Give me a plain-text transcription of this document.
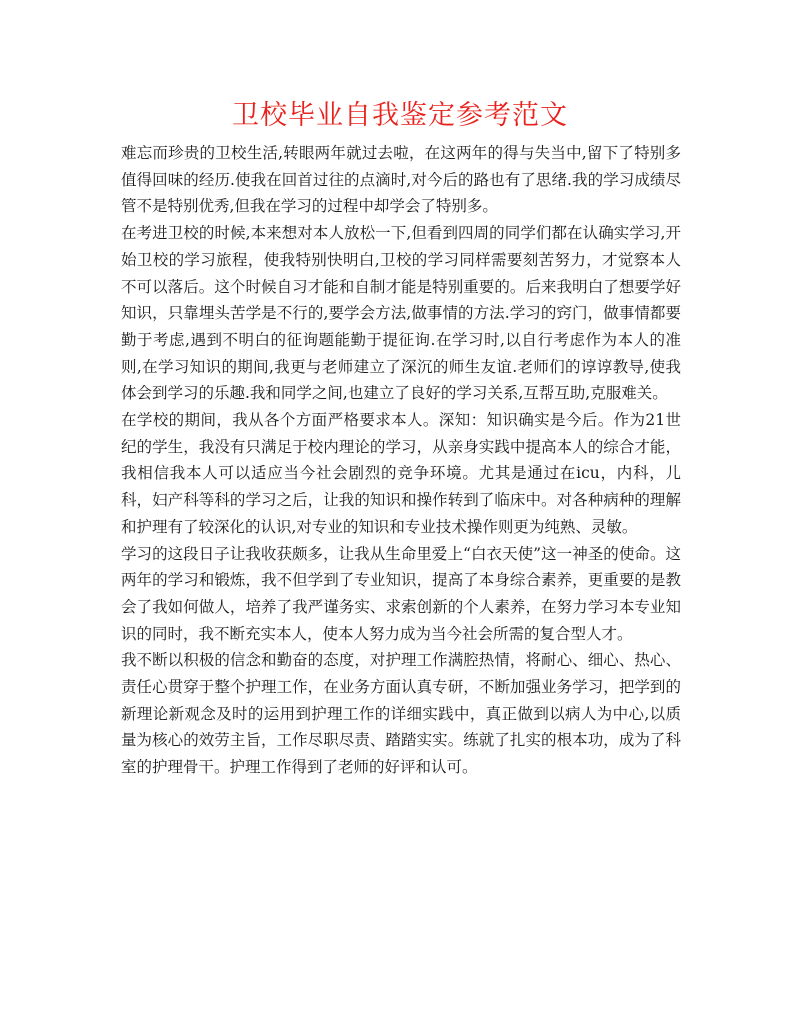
卫校毕业自我鉴定参考范文

难忘而珍贵的卫校生活,转眼两年就过去啦，在这两年的得与失当中,留下了特别多值得回味的经历.使我在回首过往的点滴时,对今后的路也有了思绪.我的学习成绩尽管不是特别优秀,但我在学习的过程中却学会了特别多。

在考进卫校的时候,本来想对本人放松一下,但看到四周的同学们都在认确实学习,开始卫校的学习旅程，使我特别快明白,卫校的学习同样需要刻苦努力，才觉察本人不可以落后。这个时候自习才能和自制才能是特别重要的。后来我明白了想要学好知识，只靠埋头苦学是不行的,要学会方法,做事情的方法.学习的窍门，做事情都要勤于考虑,遇到不明白的征询题能勤于提征询.在学习时,以自行考虑作为本人的准则,在学习知识的期间,我更与老师建立了深沉的师生友谊.老师们的谆谆教导,使我体会到学习的乐趣.我和同学之间,也建立了良好的学习关系,互帮互助,克服难关。

在学校的期间，我从各个方面严格要求本人。深知：知识确实是今后。作为21世纪的学生，我没有只满足于校内理论的学习，从亲身实践中提高本人的综合才能，我相信我本人可以适应当今社会剧烈的竞争环境。尤其是通过在icu，内科，儿科，妇产科等科的学习之后，让我的知识和操作转到了临床中。对各种病种的理解和护理有了较深化的认识,对专业的知识和专业技术操作则更为纯熟、灵敏。

学习的这段日子让我收获颇多，让我从生命里爱上“白衣天使”这一神圣的使命。这两年的学习和锻炼，我不但学到了专业知识，提高了本身综合素养，更重要的是教会了我如何做人，培养了我严谨务实、求索创新的个人素养，在努力学习本专业知识的同时，我不断充实本人，使本人努力成为当今社会所需的复合型人才。

我不断以积极的信念和勤奋的态度，对护理工作满腔热情，将耐心、细心、热心、责任心贯穿于整个护理工作，在业务方面认真专研，不断加强业务学习，把学到的新理论新观念及时的运用到护理工作的详细实践中，真正做到以病人为中心,以质量为核心的效劳主旨，工作尽职尽责、踏踏实实。练就了扎实的根本功，成为了科室的护理骨干。护理工作得到了老师的好评和认可。
